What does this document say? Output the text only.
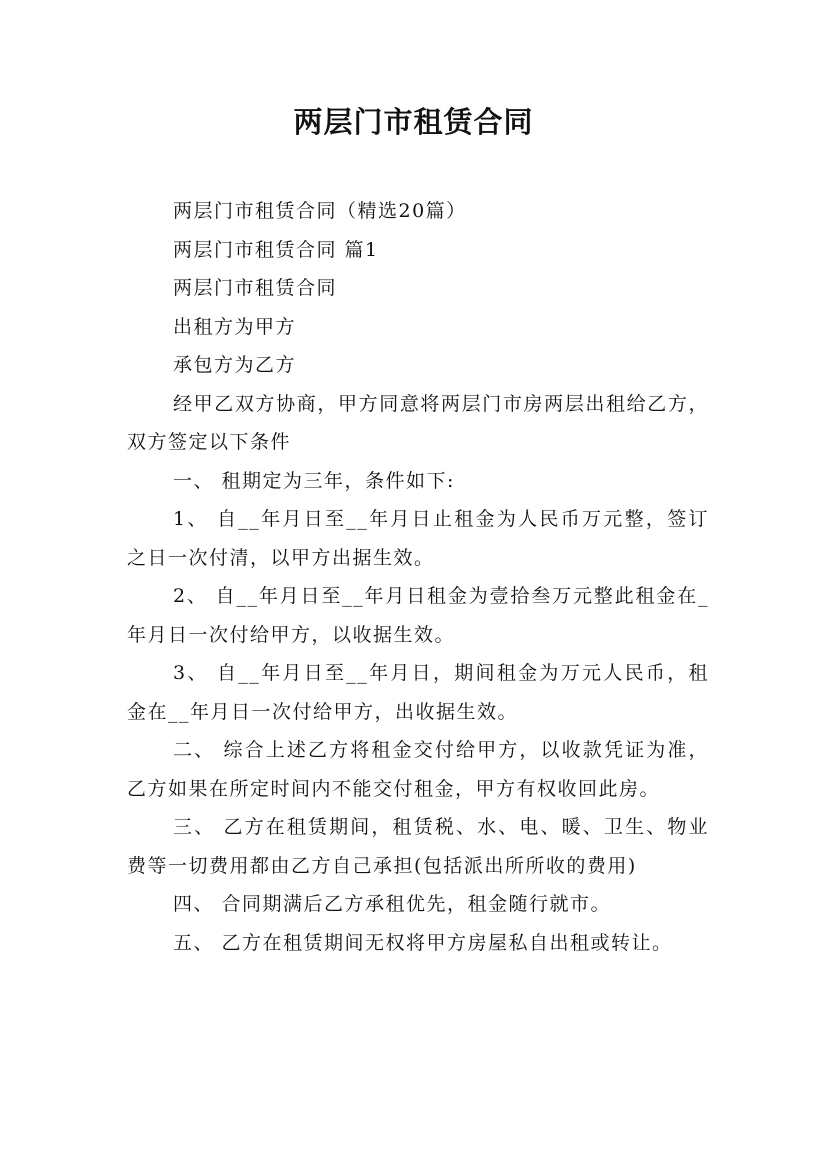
两层门市租赁合同

两层门市租赁合同（精选20篇）

两层门市租赁合同 篇1

两层门市租赁合同

出租方为甲方

承包方为乙方

经甲乙双方协商，甲方同意将两层门市房两层出租给乙方，双方签定以下条件

一、 租期定为三年，条件如下:

1、 自__年月日至__年月日止租金为人民币万元整，签订之日一次付清，以甲方出据生效。

2、 自__年月日至__年月日租金为壹拾叁万元整此租金在_年月日一次付给甲方，以收据生效。

3、 自__年月日至__年月日，期间租金为万元人民币，租金在__年月日一次付给甲方，出收据生效。

二、 综合上述乙方将租金交付给甲方，以收款凭证为准，乙方如果在所定时间内不能交付租金，甲方有权收回此房。

三、 乙方在租赁期间，租赁税、水、电、暖、卫生、物业费等一切费用都由乙方自己承担(包括派出所所收的费用)

四、 合同期满后乙方承租优先，租金随行就市。

五、 乙方在租赁期间无权将甲方房屋私自出租或转让。
